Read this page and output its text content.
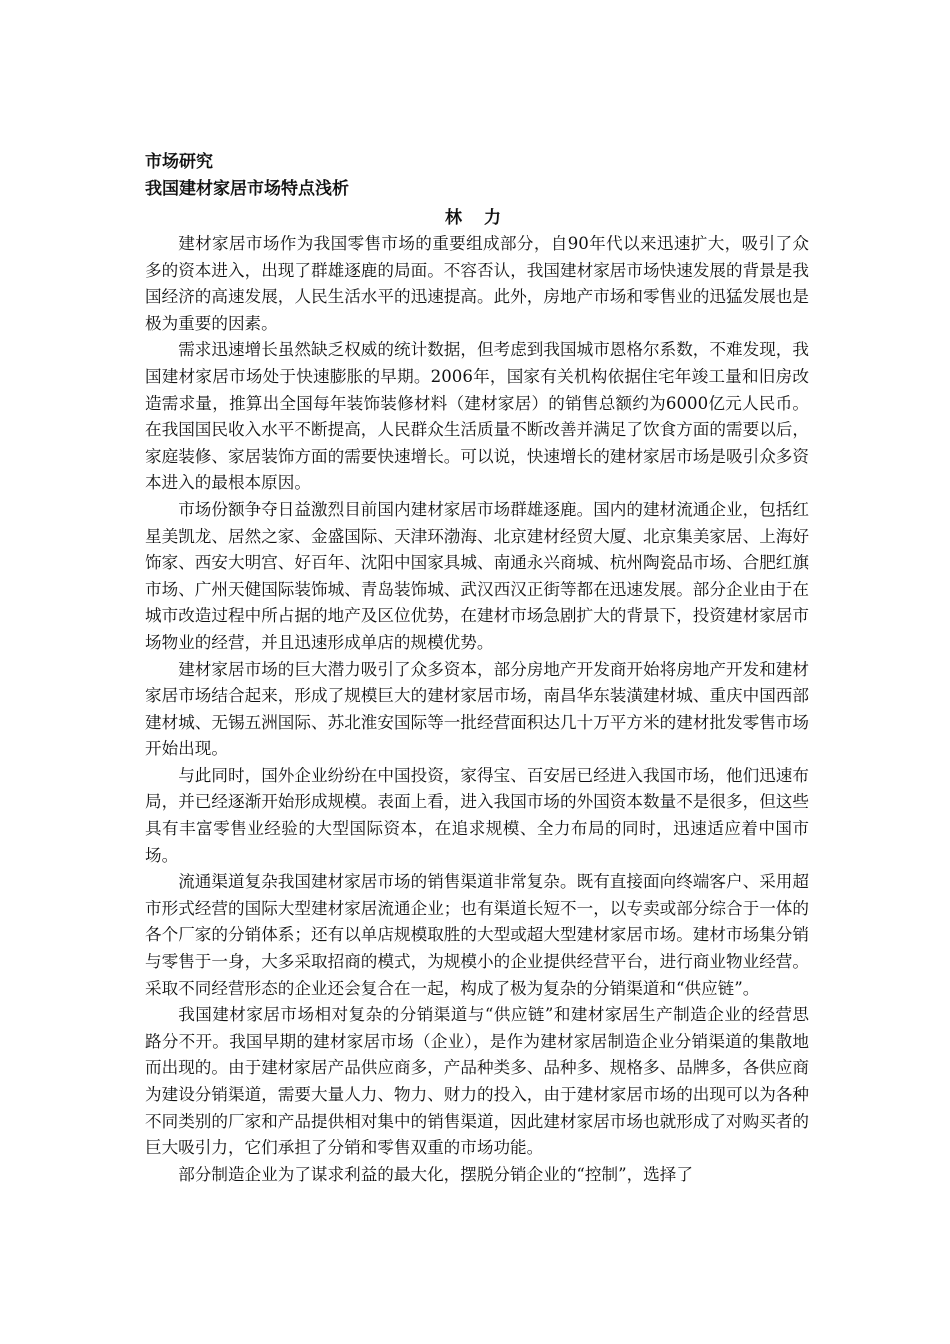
市场研究
我国建材家居市场特点浅析
林 力

建材家居市场作为我国零售市场的重要组成部分，自90年代以来迅速扩大，吸引了众多的资本进入，出现了群雄逐鹿的局面。不容否认，我国建材家居市场快速发展的背景是我国经济的高速发展，人民生活水平的迅速提高。此外，房地产市场和零售业的迅猛发展也是极为重要的因素。

需求迅速增长虽然缺乏权威的统计数据，但考虑到我国城市恩格尔系数，不难发现，我国建材家居市场处于快速膨胀的早期。2006年，国家有关机构依据住宅年竣工量和旧房改造需求量，推算出全国每年装饰装修材料（建材家居）的销售总额约为6000亿元人民币。在我国国民收入水平不断提高，人民群众生活质量不断改善并满足了饮食方面的需要以后，家庭装修、家居装饰方面的需要快速增长。可以说，快速增长的建材家居市场是吸引众多资本进入的最根本原因。

市场份额争夺日益激烈目前国内建材家居市场群雄逐鹿。国内的建材流通企业，包括红星美凯龙、居然之家、金盛国际、天津环渤海、北京建材经贸大厦、北京集美家居、上海好饰家、西安大明宫、好百年、沈阳中国家具城、南通永兴商城、杭州陶瓷品市场、合肥红旗市场、广州天健国际装饰城、青岛装饰城、武汉西汉正街等都在迅速发展。部分企业由于在城市改造过程中所占据的地产及区位优势，在建材市场急剧扩大的背景下，投资建材家居市场物业的经营，并且迅速形成单店的规模优势。

建材家居市场的巨大潜力吸引了众多资本，部分房地产开发商开始将房地产开发和建材家居市场结合起来，形成了规模巨大的建材家居市场，南昌华东装潢建材城、重庆中国西部建材城、无锡五洲国际、苏北淮安国际等一批经营面积达几十万平方米的建材批发零售市场开始出现。

与此同时，国外企业纷纷在中国投资，家得宝、百安居已经进入我国市场，他们迅速布局，并已经逐渐开始形成规模。表面上看，进入我国市场的外国资本数量不是很多，但这些具有丰富零售业经验的大型国际资本，在追求规模、全力布局的同时，迅速适应着中国市场。

流通渠道复杂我国建材家居市场的销售渠道非常复杂。既有直接面向终端客户、采用超市形式经营的国际大型建材家居流通企业；也有渠道长短不一，以专卖或部分综合于一体的各个厂家的分销体系；还有以单店规模取胜的大型或超大型建材家居市场。建材市场集分销与零售于一身，大多采取招商的模式，为规模小的企业提供经营平台，进行商业物业经营。采取不同经营形态的企业还会复合在一起，构成了极为复杂的分销渠道和“供应链”。

我国建材家居市场相对复杂的分销渠道与“供应链”和建材家居生产制造企业的经营思路分不开。我国早期的建材家居市场（企业），是作为建材家居制造企业分销渠道的集散地而出现的。由于建材家居产品供应商多，产品种类多、品种多、规格多、品牌多，各供应商为建设分销渠道，需要大量人力、物力、财力的投入，由于建材家居市场的出现可以为各种不同类别的厂家和产品提供相对集中的销售渠道，因此建材家居市场也就形成了对购买者的巨大吸引力，它们承担了分销和零售双重的市场功能。

部分制造企业为了谋求利益的最大化，摆脱分销企业的“控制”，选择了
